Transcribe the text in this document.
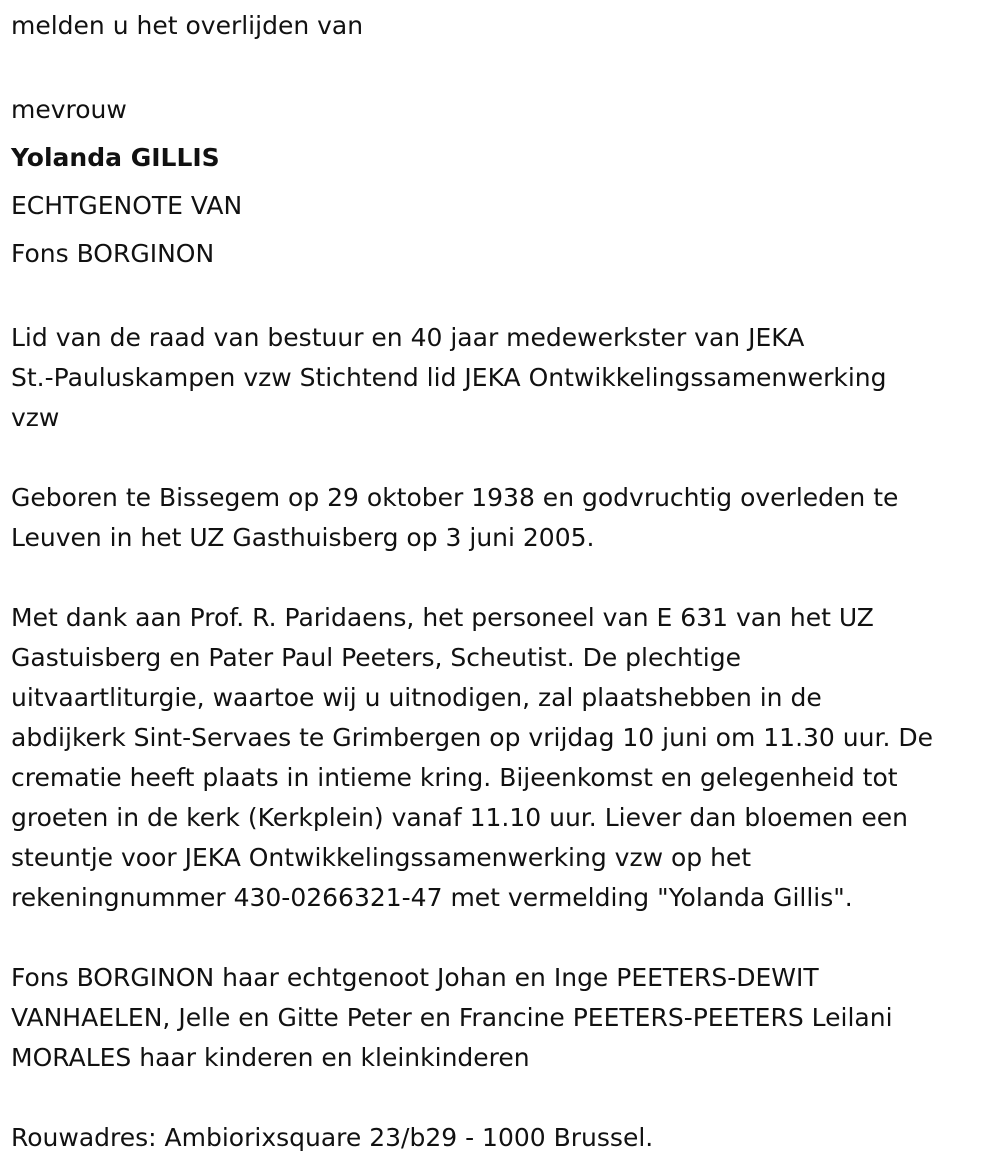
melden u het overlijden van

mevrouw

Yolanda GILLIS

ECHTGENOTE VAN

Fons BORGINON

Lid van de raad van bestuur en 40 jaar medewerkster van JEKA
St.-Pauluskampen vzw Stichtend lid JEKA Ontwikkelingssamenwerking
vzw

Geboren te Bissegem op 29 oktober 1938 en godvruchtig overleden te
Leuven in het UZ Gasthuisberg op 3 juni 2005.

Met dank aan Prof. R. Paridaens, het personeel van E 631 van het UZ
Gastuisberg en Pater Paul Peeters, Scheutist. De plechtige
uitvaartliturgie, waartoe wij u uitnodigen, zal plaatshebben in de
abdijkerk Sint-Servaes te Grimbergen op vrijdag 10 juni om 11.30 uur. De
crematie heeft plaats in intieme kring. Bijeenkomst en gelegenheid tot
groeten in de kerk (Kerkplein) vanaf 11.10 uur. Liever dan bloemen een
steuntje voor JEKA Ontwikkelingssamenwerking vzw op het
rekeningnummer 430-0266321-47 met vermelding "Yolanda Gillis".

Fons BORGINON haar echtgenoot Johan en Inge PEETERS-DEWIT
VANHAELEN, Jelle en Gitte Peter en Francine PEETERS-PEETERS Leilani
MORALES haar kinderen en kleinkinderen

Rouwadres: Ambiorixsquare 23/b29 - 1000 Brussel.
